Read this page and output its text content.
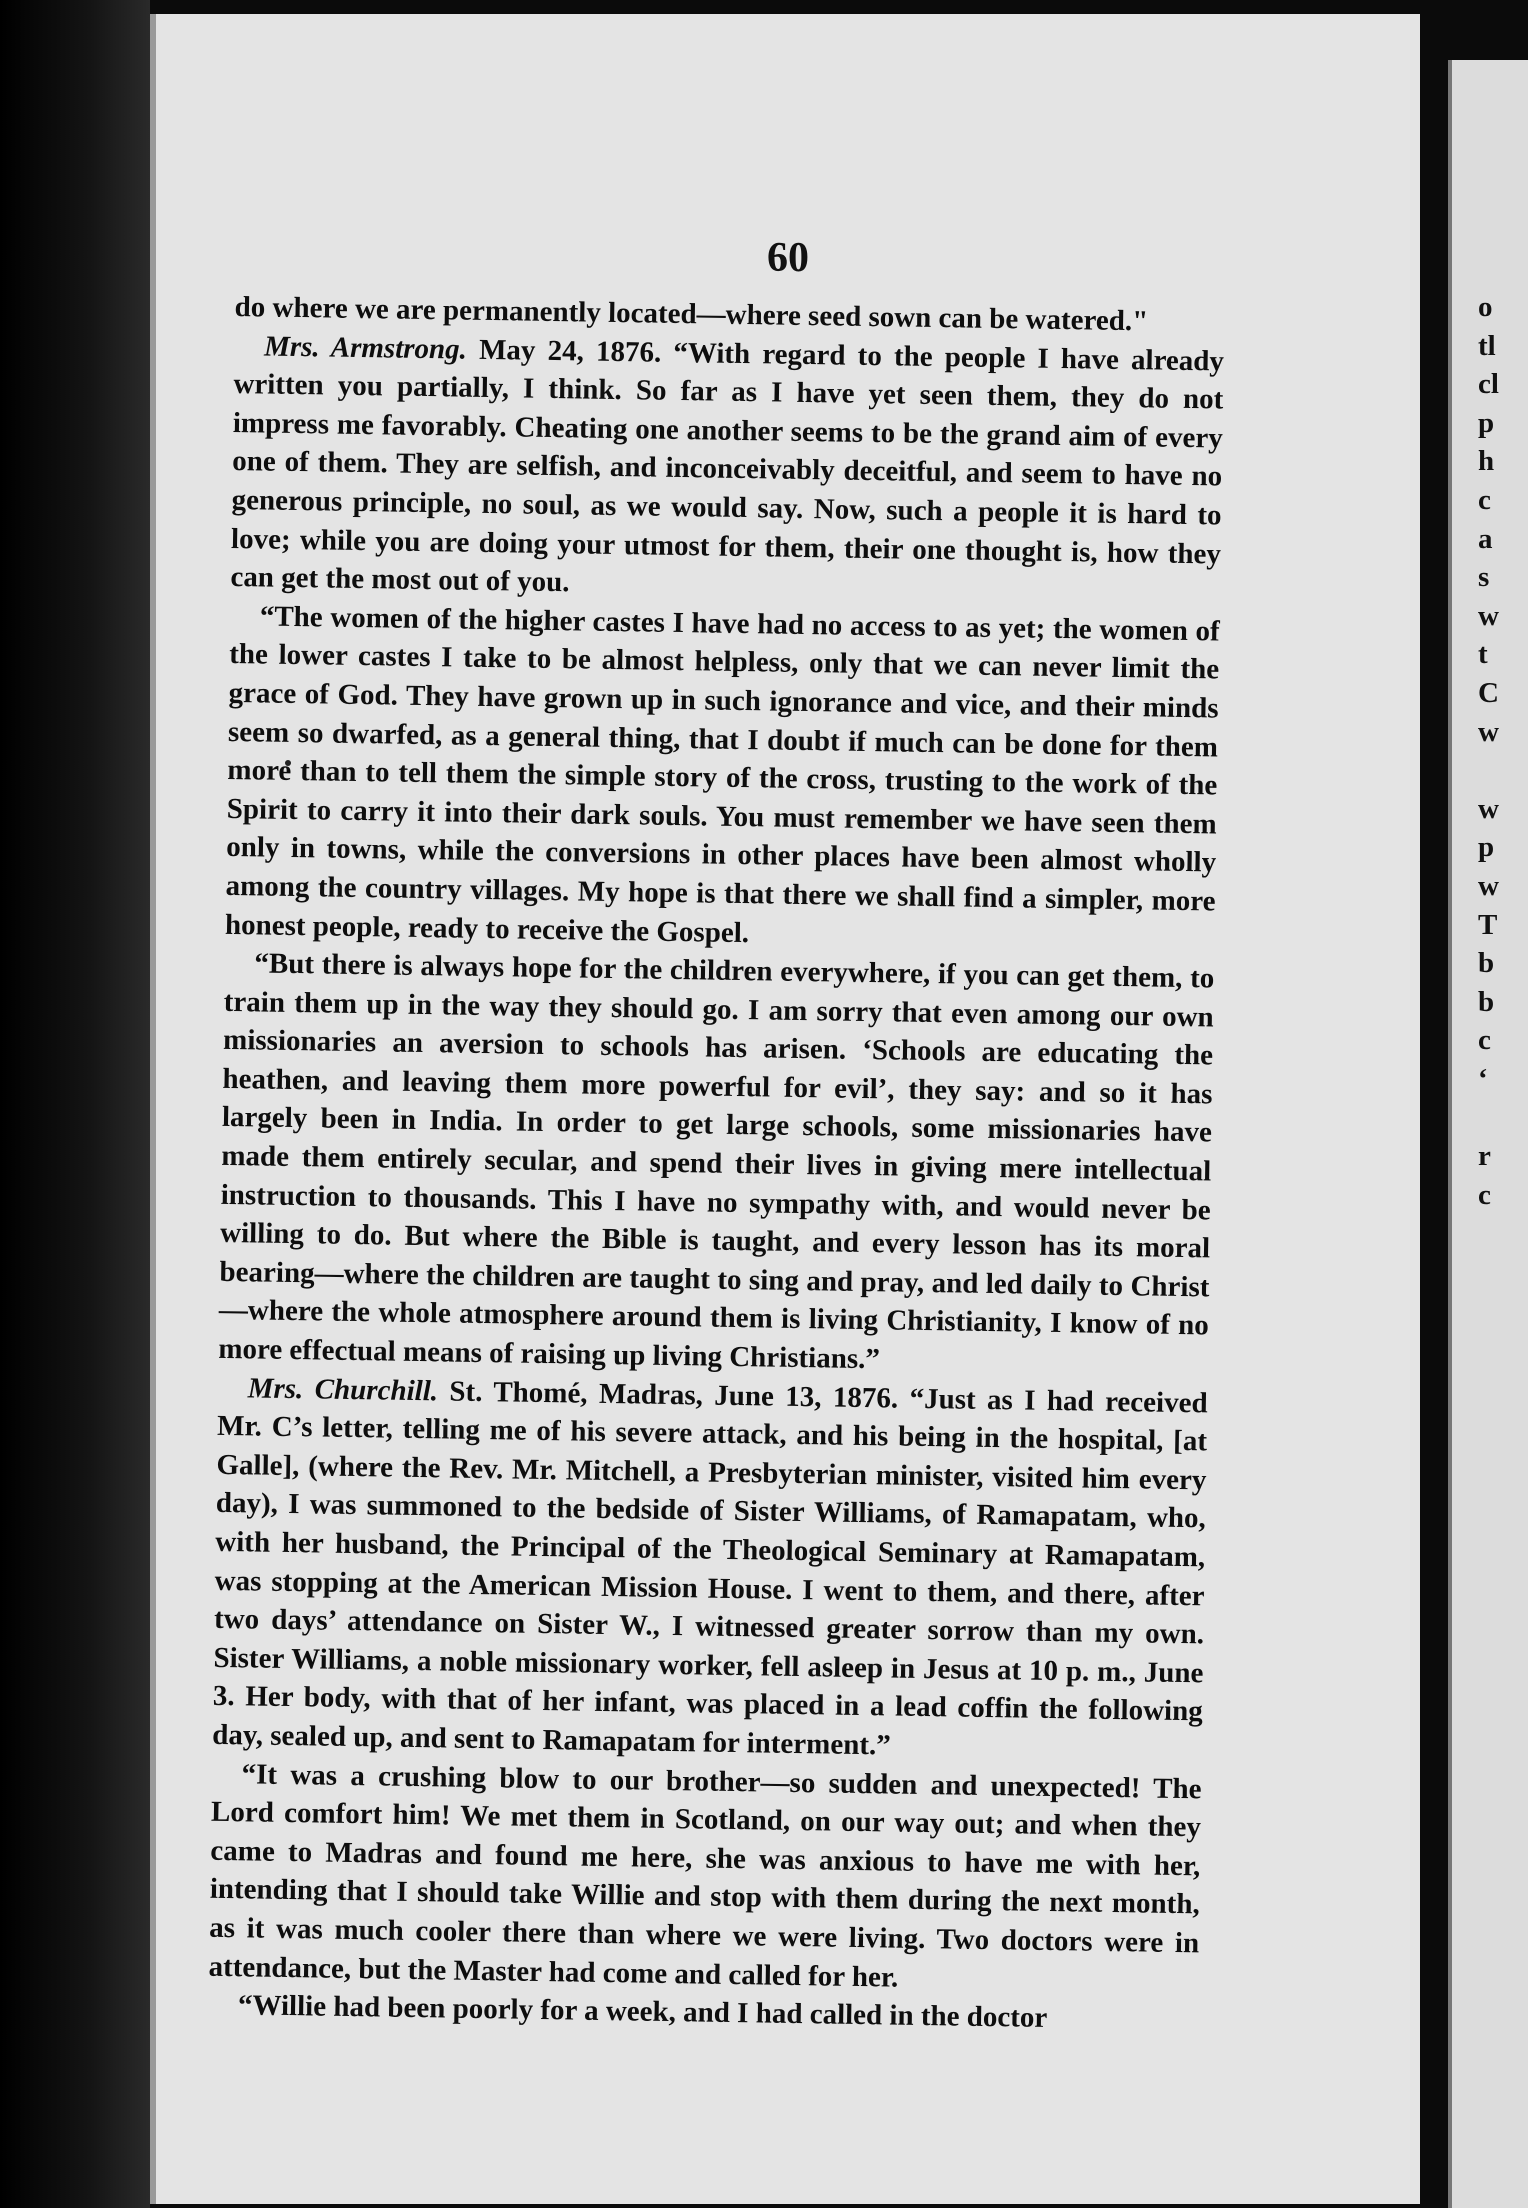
60

do where we are permanently located—where seed sown can be watered."

Mrs. Armstrong. May 24, 1876. “With regard to the people I have already written you partially, I think. So far as I have yet seen them, they do not impress me favorably. Cheating one another seems to be the grand aim of every one of them. They are selfish, and inconceivably deceitful, and seem to have no generous principle, no soul, as we would say. Now, such a people it is hard to love; while you are doing your utmost for them, their one thought is, how they can get the most out of you.

“The women of the higher castes I have had no access to as yet; the women of the lower castes I take to be almost helpless, only that we can never limit the grace of God. They have grown up in such ignorance and vice, and their minds seem so dwarfed, as a general thing, that I doubt if much can be done for them more than to tell them the simple story of the cross, trusting to the work of the Spirit to carry it into their dark souls. You must remember we have seen them only in towns, while the conversions in other places have been almost wholly among the country villages. My hope is that there we shall find a simpler, more honest people, ready to receive the Gospel.

“But there is always hope for the children everywhere, if you can get them, to train them up in the way they should go. I am sorry that even among our own missionaries an aversion to schools has arisen. ‘Schools are educating the heathen, and leaving them more powerful for evil’, they say: and so it has largely been in India. In order to get large schools, some missionaries have made them entirely secular, and spend their lives in giving mere intellectual instruction to thousands. This I have no sympathy with, and would never be willing to do. But where the Bible is taught, and every lesson has its moral bearing—where the children are taught to sing and pray, and led daily to Christ—where the whole atmosphere around them is living Christianity, I know of no more effectual means of raising up living Christians.”

Mrs. Churchill. St. Thomé, Madras, June 13, 1876. “Just as I had received Mr. C’s letter, telling me of his severe attack, and his being in the hospital, [at Galle], (where the Rev. Mr. Mitchell, a Presbyterian minister, visited him every day), I was summoned to the bedside of Sister Williams, of Ramapatam, who, with her husband, the Principal of the Theological Seminary at Ramapatam, was stopping at the American Mission House. I went to them, and there, after two days’ attendance on Sister W., I witnessed greater sorrow than my own. Sister Williams, a noble missionary worker, fell asleep in Jesus at 10 p. m., June 3. Her body, with that of her infant, was placed in a lead coffin the following day, sealed up, and sent to Ramapatam for interment.”

“It was a crushing blow to our brother—so sudden and unexpected! The Lord comfort him! We met them in Scotland, on our way out; and when they came to Madras and found me here, she was anxious to have me with her, intending that I should take Willie and stop with them during the next month, as it was much cooler there than where we were living. Two doctors were in attendance, but the Master had come and called for her.

“Willie had been poorly for a week, and I had called in the doctor

o
tl
cl
p
h
c
a
s
w
t
C
w
w
p
w
T
b
b
c
‘
r
c
